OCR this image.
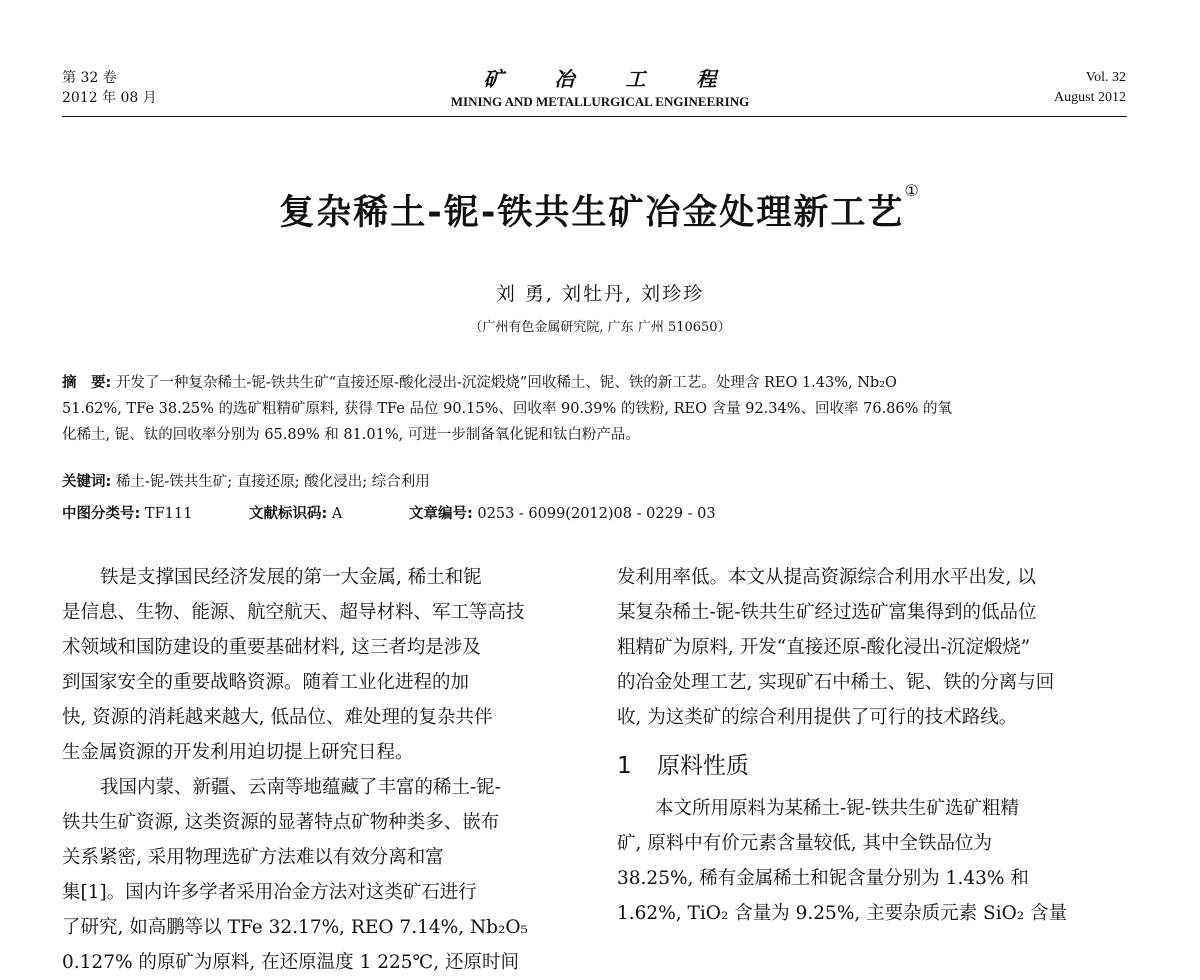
第 32 卷
2012 年 08 月
矿 冶 工 程
MINING AND METALLURGICAL ENGINEERING
Vol. 32
August 2012
复杂稀土-铌-铁共生矿冶金处理新工艺①
刘 勇, 刘牡丹, 刘珍珍
（广州有色金属研究院, 广东 广州 510650）
摘　要: 开发了一种复杂稀土-铌-铁共生矿“直接还原-酸化浸出-沉淀煅烧”回收稀土、铌、铁的新工艺。处理含 REO 1.43%, Nb₂O
51.62%, TFe 38.25% 的选矿粗精矿原料, 获得 TFe 品位 90.15%、回收率 90.39% 的铁粉, REO 含量 92.34%、回收率 76.86% 的氧
化稀土, 铌、钛的回收率分别为 65.89% 和 81.01%, 可进一步制备氧化铌和钛白粉产品。
关键词: 稀土-铌-铁共生矿; 直接还原; 酸化浸出; 综合利用
中图分类号: TF111	文献标识码: A	文章编号: 0253 - 6099(2012)08 - 0229 - 03
铁是支撑国民经济发展的第一大金属, 稀土和铌
是信息、生物、能源、航空航天、超导材料、军工等高技
术领域和国防建设的重要基础材料, 这三者均是涉及
到国家安全的重要战略资源。随着工业化进程的加
快, 资源的消耗越来越大, 低品位、难处理的复杂共伴
生金属资源的开发利用迫切提上研究日程。
我国内蒙、新疆、云南等地蕴藏了丰富的稀土-铌-
铁共生矿资源, 这类资源的显著特点矿物种类多、嵌布
关系紧密, 采用物理选矿方法难以有效分离和富
集[1]。国内许多学者采用冶金方法对这类矿石进行
了研究, 如高鹏等以 TFe 32.17%, REO 7.14%, Nb₂O₅
0.127% 的原矿为原料, 在还原温度 1 225℃, 还原时间
发利用率低。本文从提高资源综合利用水平出发, 以
某复杂稀土-铌-铁共生矿经过选矿富集得到的低品位
粗精矿为原料, 开发“直接还原-酸化浸出-沉淀煅烧”
的冶金处理工艺, 实现矿石中稀土、铌、铁的分离与回
收, 为这类矿的综合利用提供了可行的技术路线。
1 原料性质
本文所用原料为某稀土-铌-铁共生矿选矿粗精
矿, 原料中有价元素含量较低, 其中全铁品位为
38.25%, 稀有金属稀土和铌含量分别为 1.43% 和
1.62%, TiO₂ 含量为 9.25%, 主要杂质元素 SiO₂ 含量
